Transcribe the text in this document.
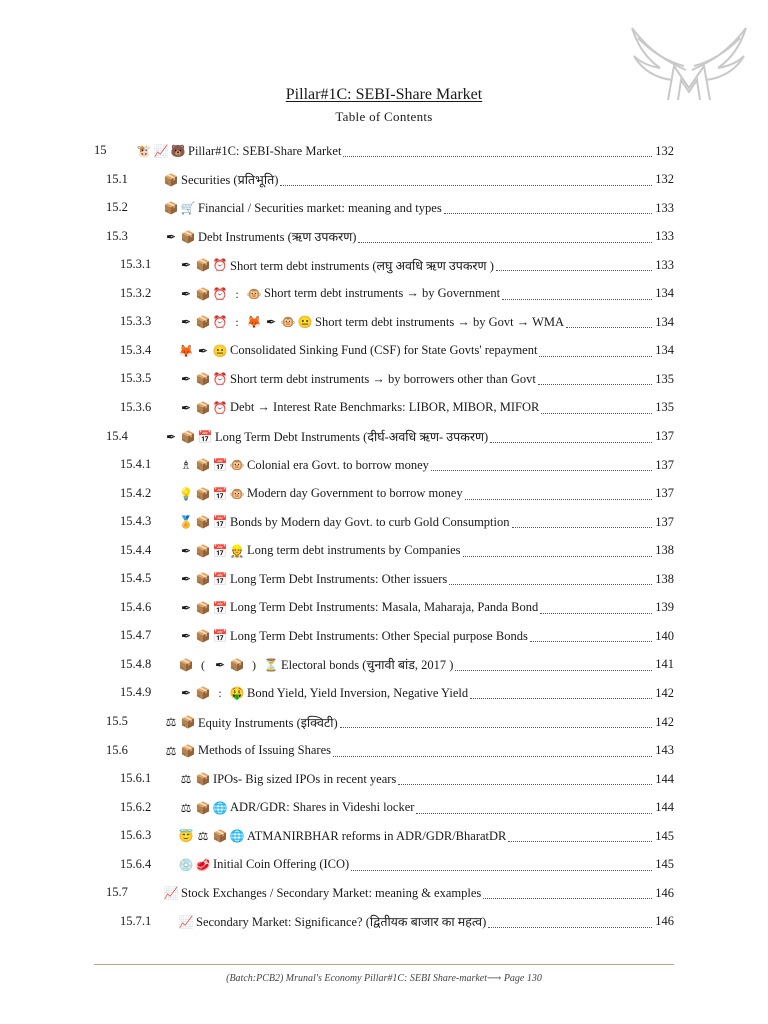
Pillar#1C: SEBI-Share Market
Table of Contents
15	🐮 📈 🐻 Pillar#1C: SEBI-Share Market	132
15.1	📦 Securities (प्रतिभूति)	132
15.2	📦 🛒 Financial / Securities market: meaning and types	133
15.3	✒ 📦 Debt Instruments (ऋण उपकरण)	133
15.3.1 ✒ 📦 ⏰ Short term debt instruments (लघु अवधि ऋण उपकरण )	133
15.3.2 ✒ 📦 ⏰ : 🐵 Short term debt instruments → by Government	134
15.3.3 ✒ 📦 ⏰ : 🦊 ✒ 🐵 😐 Short term debt instruments → by Govt → WMA	134
15.3.4 🦊 ✒ 😐 Consolidated Sinking Fund (CSF) for State Govts' repayment	134
15.3.5 ✒ 📦 ⏰ Short term debt instruments → by borrowers other than Govt	135
15.3.6 ✒ 📦 ⏰ Debt → Interest Rate Benchmarks: LIBOR, MIBOR, MIFOR	135
15.4	✒ 📦 📅 Long Term Debt Instruments (दीर्घ-अवधि ऋण- उपकरण)	137
15.4.1 ♗ 📦 📅 🐵 Colonial era Govt. to borrow money	137
15.4.2 💡 📦 📅 🐵 Modern day Government to borrow money	137
15.4.3 🏅 📦 📅 Bonds by Modern day Govt. to curb Gold Consumption	137
15.4.4 ✒ 📦 📅 👷 Long term debt instruments by Companies	138
15.4.5 ✒ 📦 📅 Long Term Debt Instruments: Other issuers	138
15.4.6 ✒ 📦 📅 Long Term Debt Instruments: Masala, Maharaja, Panda Bond	139
15.4.7 ✒ 📦 📅 Long Term Debt Instruments: Other Special purpose Bonds	140
15.4.8 📦 ( ✒ 📦 ) ⏳ Electoral bonds (चुनावी बांड, 2017 )	141
15.4.9 ✒ 📦 : 🤑 Bond Yield, Yield Inversion, Negative Yield	142
15.5	⚖ 📦 Equity Instruments (इक्विटी)	142
15.6	⚖ 📦 Methods of Issuing Shares	143
15.6.1 ⚖ 📦 IPOs- Big sized IPOs in recent years	144
15.6.2 ⚖ 📦 🌐 ADR/GDR: Shares in Videshi locker	144
15.6.3 😇 ⚖ 📦 🌐 ATMANIRBHAR reforms in ADR/GDR/BharatDR	145
15.6.4 💿 🥩 Initial Coin Offering (ICO)	145
15.7	📈 Stock Exchanges / Secondary Market: meaning & examples	146
15.7.1 📈 Secondary Market: Significance? (द्वितीयक बाजार का महत्व)	146
(Batch:PCB2) Mrunal's Economy Pillar#1C: SEBI Share-market⟶ Page 130
